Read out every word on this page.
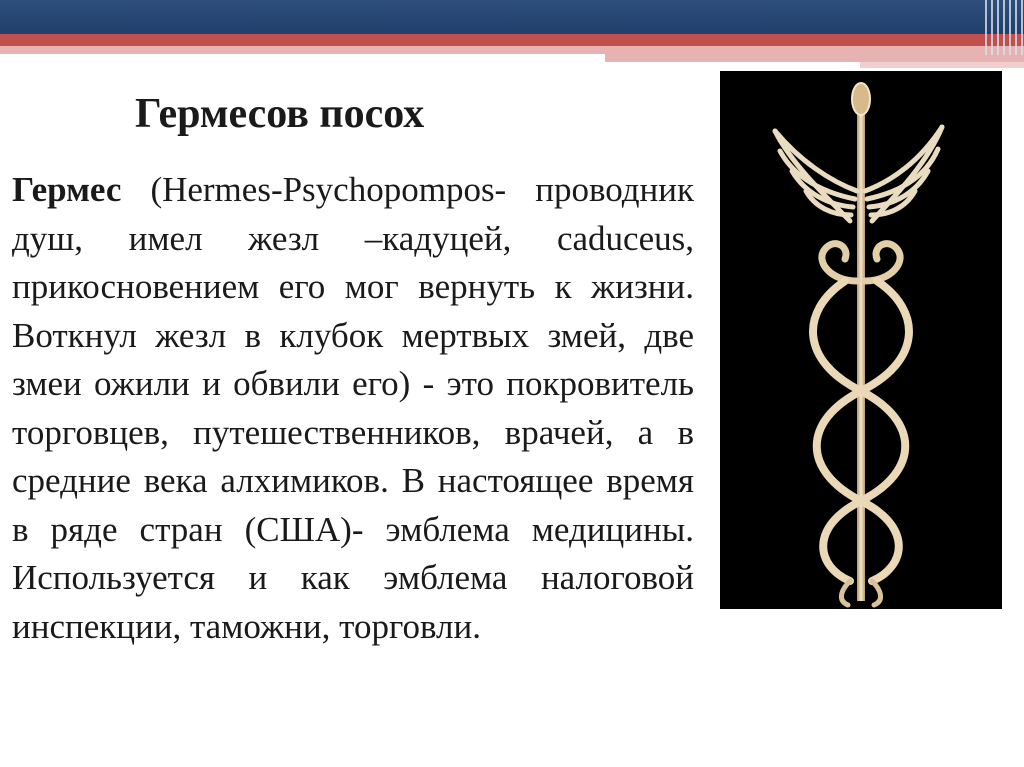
Гермесов посох

Гермес (Hermes-Psychopompos- проводник душ, имел жезл –кадуцей, caduceus, прикосновением его мог вернуть к жизни. Воткнул жезл в клубок мертвых змей, две змеи ожили и обвили его) - это покровитель торговцев, путешественников, врачей, а в средние века алхимиков. В настоящее время в ряде стран (США)- эмблема медицины. Используется и как эмблема налоговой инспекции, таможни, торговли.
